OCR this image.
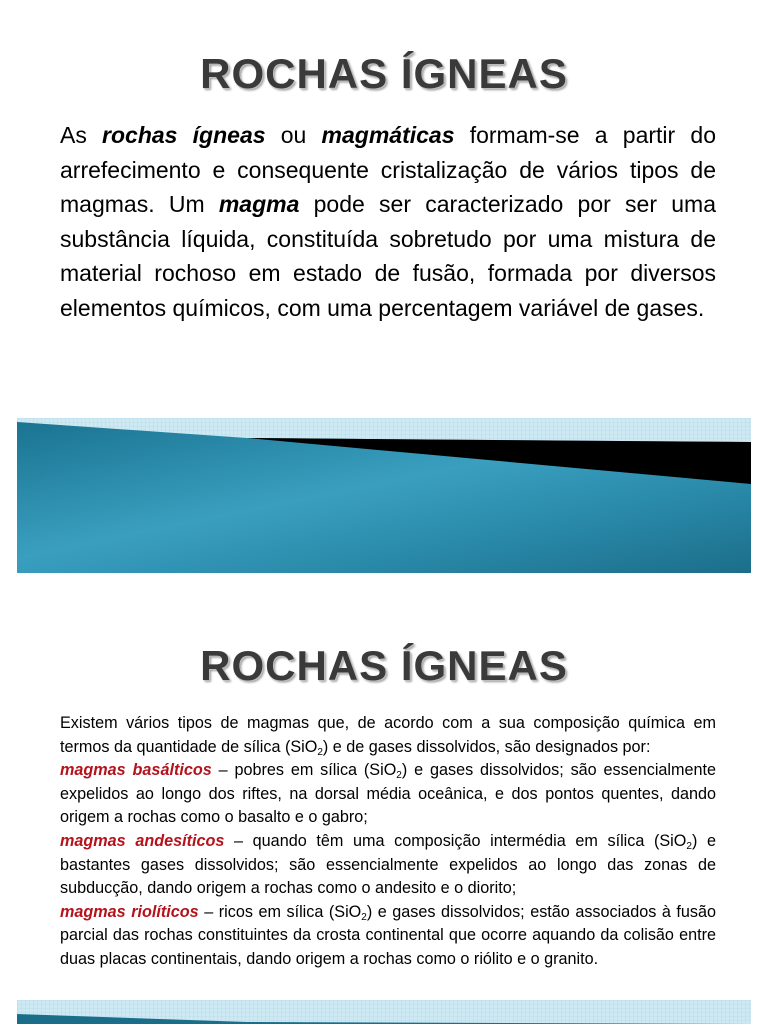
ROCHAS ÍGNEAS
As rochas ígneas ou magmáticas formam-se a partir do arrefecimento e consequente cristalização de vários tipos de magmas. Um magma pode ser caracterizado por ser uma substância líquida, constituída sobretudo por uma mistura de material rochoso em estado de fusão, formada por diversos elementos químicos, com uma percentagem variável de gases.
ROCHAS ÍGNEAS

Existem vários tipos de magmas que, de acordo com a sua composição química em termos da quantidade de sílica (SiO$_2$) e de gases dissolvidos, são designados por:

magmas basálticos – pobres em sílica (SiO$_2$) e gases dissolvidos; são essencialmente expelidos ao longo dos riftes, na dorsal média oceânica, e dos pontos quentes, dando origem a rochas como o basalto e o gabro;

magmas andesíticos – quando têm uma composição intermédia em sílica (SiO$_2$) e bastantes gases dissolvidos; são essencialmente expelidos ao longo das zonas de subducção, dando origem a rochas como o andesito e o diorito;

magmas riolíticos – ricos em sílica (SiO$_2$) e gases dissolvidos; estão associados à fusão parcial das rochas constituintes da crosta continental que ocorre aquando da colisão entre duas placas continentais, dando origem a rochas como o riólito e o granito.
